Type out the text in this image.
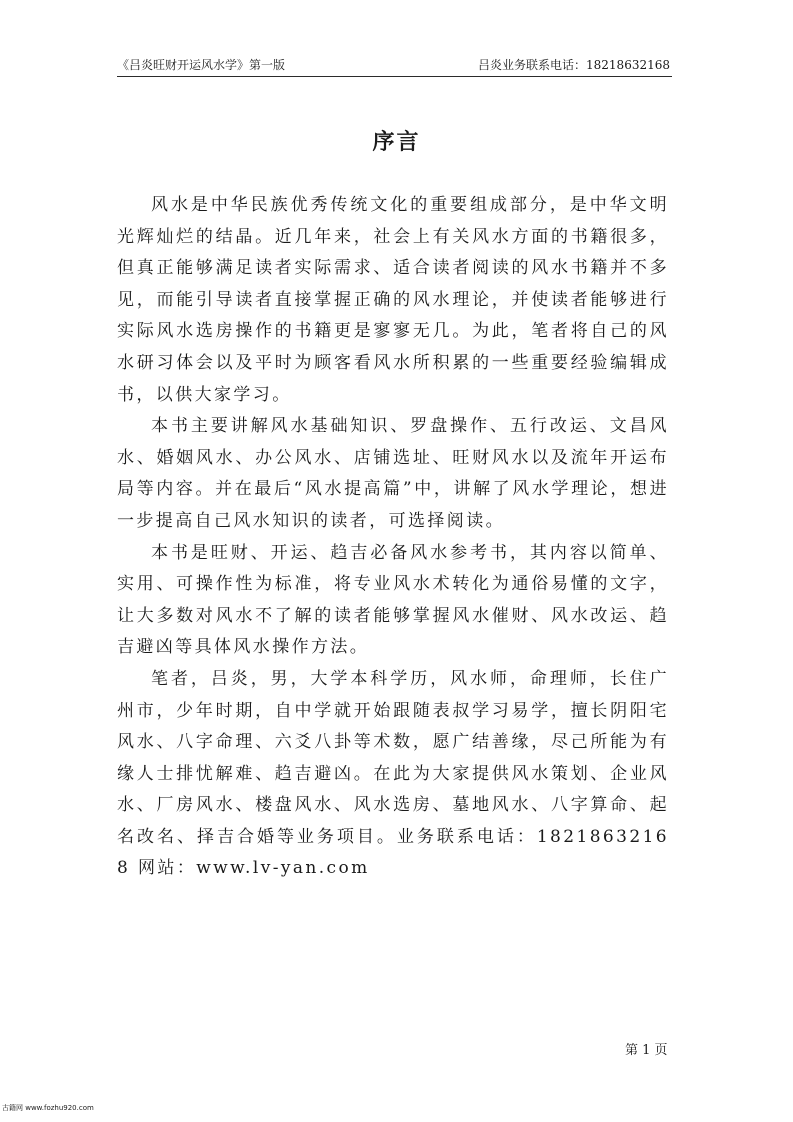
《吕炎旺财开运风水学》第一版	吕炎业务联系电话：18218632168
序言

风水是中华民族优秀传统文化的重要组成部分，是中华文明光辉灿烂的结晶。近几年来，社会上有关风水方面的书籍很多，但真正能够满足读者实际需求、适合读者阅读的风水书籍并不多见，而能引导读者直接掌握正确的风水理论，并使读者能够进行实际风水选房操作的书籍更是寥寥无几。为此，笔者将自己的风水研习体会以及平时为顾客看风水所积累的一些重要经验编辑成书，以供大家学习。

本书主要讲解风水基础知识、罗盘操作、五行改运、文昌风水、婚姻风水、办公风水、店铺选址、旺财风水以及流年开运布局等内容。并在最后“风水提高篇”中，讲解了风水学理论，想进一步提高自己风水知识的读者，可选择阅读。

本书是旺财、开运、趋吉必备风水参考书，其内容以简单、实用、可操作性为标准，将专业风水术转化为通俗易懂的文字，让大多数对风水不了解的读者能够掌握风水催财、风水改运、趋吉避凶等具体风水操作方法。

笔者，吕炎，男，大学本科学历，风水师，命理师，长住广州市，少年时期，自中学就开始跟随表叔学习易学，擅长阴阳宅风水、八字命理、六爻八卦等术数，愿广结善缘，尽己所能为有缘人士排忧解难、趋吉避凶。在此为大家提供风水策划、企业风水、厂房风水、楼盘风水、风水选房、墓地风水、八字算命、起名改名、择吉合婚等业务项目。业务联系电话：18218632168 网站：www.lv-yan.com

第 1 页
古籍网 www.fozhu920.com
